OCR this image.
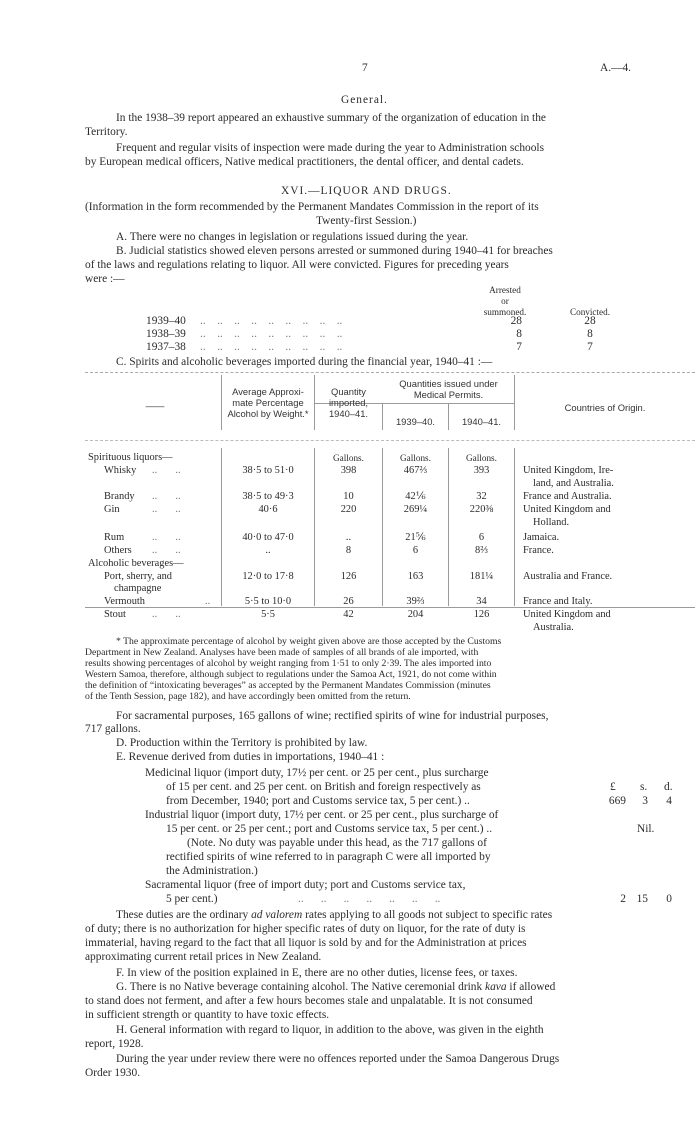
7	A.—4.
General.
In the 1938–39 report appeared an exhaustive summary of the organization of education in the
Territory.
Frequent and regular visits of inspection were made during the year to Administration schools
by European medical officers, Native medical practitioners, the dental officer, and dental cadets.
XVI.—LIQUOR AND DRUGS.
(Information in the form recommended by the Permanent Mandates Commission in the report of its
Twenty-first Session.)
A. There were no changes in legislation or regulations issued during the year.
B. Judicial statistics showed eleven persons arrested or summoned during 1940–41 for breaches
of the laws and regulations relating to liquor. All were convicted. Figures for preceding years
were :—
Arrested
or
summoned.	Convicted.
1939–40 ..    ..    ..    ..    ..    ..    ..    ..    ..	28	28
1938–39 ..    ..    ..    ..    ..    ..    ..    ..    ..	8	8
1937–38 ..    ..    ..    ..    ..    ..    ..    ..    ..	7	7
C. Spirits and alcoholic beverages imported during the financial year, 1940–41 :—
——
Average Approxi-
mate Percentage
Alcohol by Weight.*
Quantity
imported,
1940–41.
Quantities issued under
Medical Permits.
1939–40.	1940–41.
Countries of Origin.
Gallons.	Gallons.	Gallons.
Spirituous liquors—
Whisky ..       ..	38·5 to 51·0	398	467⅔	393	United Kingdom, Ire-
land, and Australia.
Brandy ..       ..	38·5 to 49·3	10	42⅙	32	France and Australia.
Gin	..       ..	40·6	220	269¼	220⅜	United Kingdom and
Holland.
Rum	..       ..	40·0 to 47·0	..	21⅚	6	Jamaica.
Others ..       ..	..	8	6	8⅔	France.
Alcoholic beverages—
Port, sherry, and
champagne
12·0 to 17·8	126	163	181¼	Australia and France.
Vermouth	..	5·5 to 10·0	26	39⅔	34	France and Italy.
Stout	..       ..	5·5	42	204	126	United Kingdom and
Australia.
* The approximate percentage of alcohol by weight given above are those accepted by the Customs
Department in New Zealand. Analyses have been made of samples of all brands of ale imported, with
results showing percentages of alcohol by weight ranging from 1·51 to only 2·39. The ales imported into
Western Samoa, therefore, although subject to regulations under the Samoa Act, 1921, do not come within
the definition of “intoxicating beverages” as accepted by the Permanent Mandates Commission (minutes
of the Tenth Session, page 182), and have accordingly been omitted from the return.
For sacramental purposes, 165 gallons of wine; rectified spirits of wine for industrial purposes,
717 gallons.
D. Production within the Territory is prohibited by law.
E. Revenue derived from duties in importations, 1940–41 :
Medicinal liquor (import duty, 17½ per cent. or 25 per cent., plus surcharge
of 15 per cent. and 25 per cent. on British and foreign respectively as
from December, 1940; port and Customs service tax, 5 per cent.) ..
£ s. d.
669	3	4
Industrial liquor (import duty, 17½ per cent. or 25 per cent., plus surcharge of
15 per cent. or 25 per cent.; port and Customs service tax, 5 per cent.) ..	Nil.
(Note. No duty was payable under this head, as the 717 gallons of
rectified spirits of wine referred to in paragraph C were all imported by
the Administration.)
Sacramental liquor (free of import duty; port and Customs service tax,
5 per cent.)	..      ..      ..      ..      ..      ..      ..	2 15	0
These duties are the ordinary ad valorem rates applying to all goods not subject to specific rates
of duty; there is no authorization for higher specific rates of duty on liquor, for the rate of duty is
immaterial, having regard to the fact that all liquor is sold by and for the Administration at prices
approximating current retail prices in New Zealand.
F. In view of the position explained in E, there are no other duties, license fees, or taxes.
G. There is no Native beverage containing alcohol. The Native ceremonial drink kava if allowed
to stand does not ferment, and after a few hours becomes stale and unpalatable. It is not consumed
in sufficient strength or quantity to have toxic effects.
H. General information with regard to liquor, in addition to the above, was given in the eighth
report, 1928.
During the year under review there were no offences reported under the Samoa Dangerous Drugs
Order 1930.
